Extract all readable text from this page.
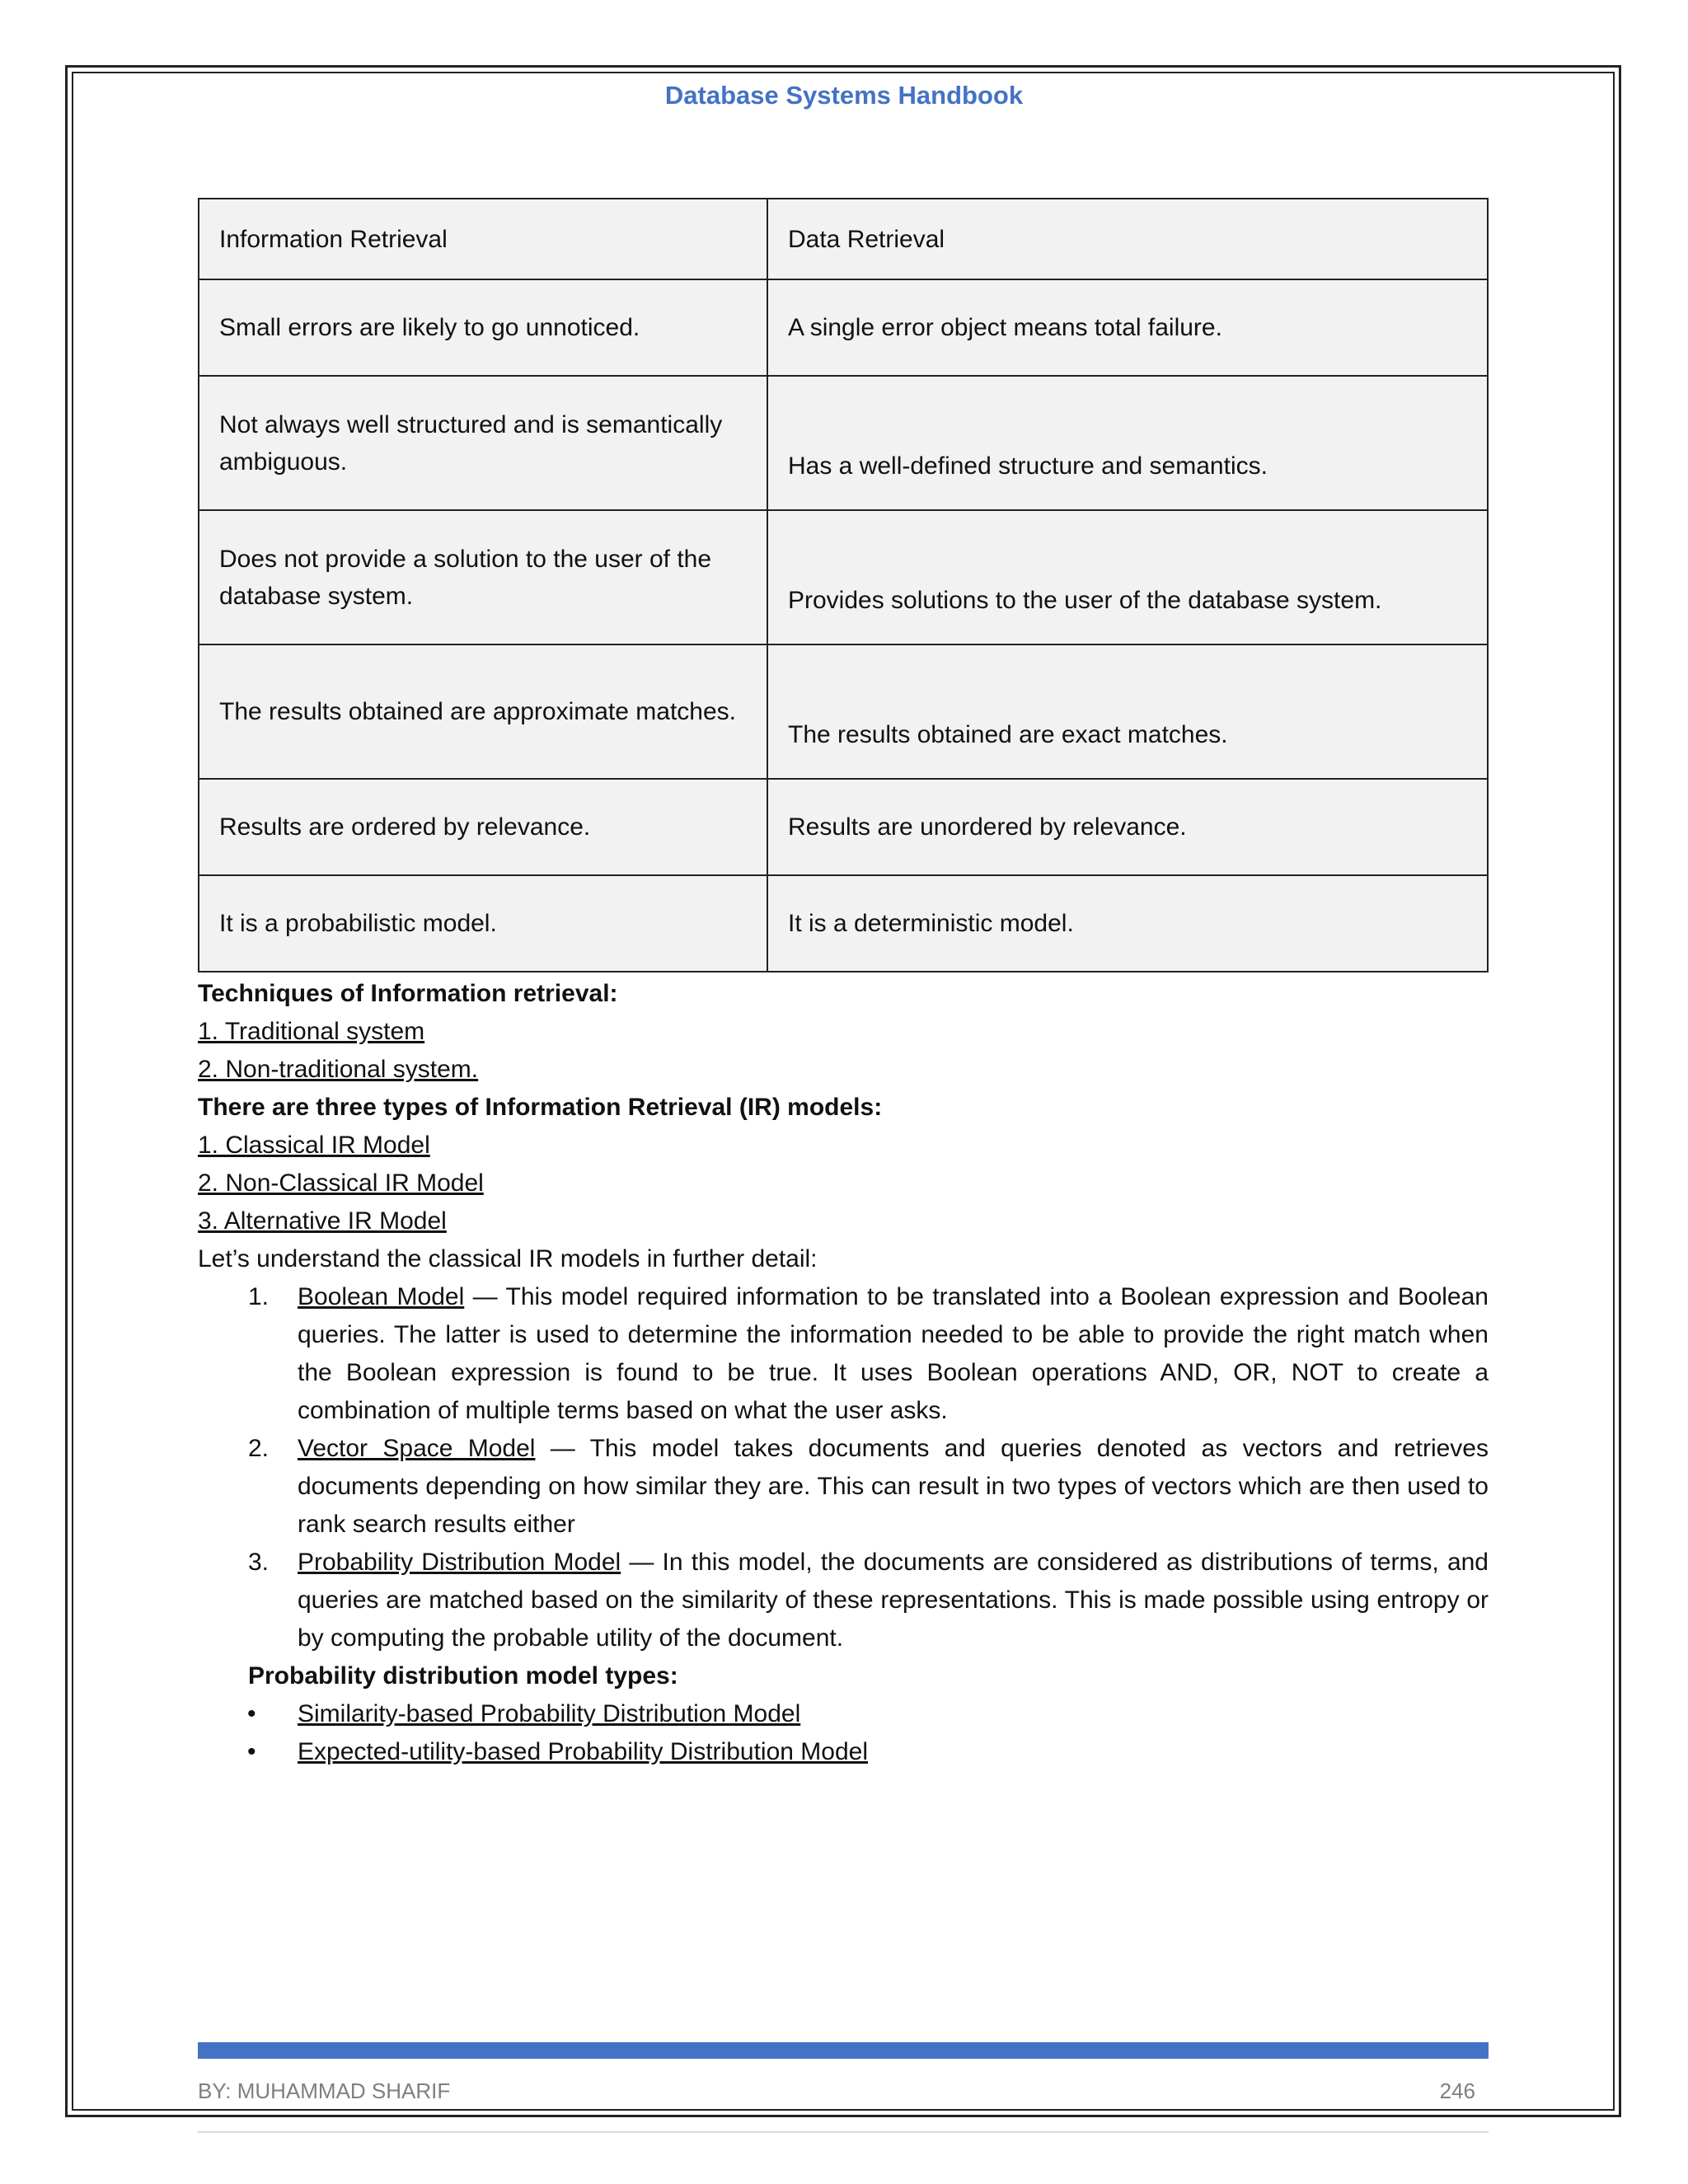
Database Systems Handbook
Information Retrieval	Data Retrieval
Small errors are likely to go unnoticed.	A single error object means total failure.
Not always well structured and is semantically ambiguous.	Has a well-defined structure and semantics.
Does not provide a solution to the user of the database system.	Provides solutions to the user of the database system.
The results obtained are approximate matches.	The results obtained are exact matches.
Results are ordered by relevance.	Results are unordered by relevance.
It is a probabilistic model.	It is a deterministic model.

Techniques of Information retrieval:

1. Traditional system

2. Non-traditional system.

There are three types of Information Retrieval (IR) models:

1. Classical IR Model

2. Non-Classical IR Model

3. Alternative IR Model

Let’s understand the classical IR models in further detail:

1. Boolean Model — This model required information to be translated into a Boolean expression and Boolean queries. The latter is used to determine the information needed to be able to provide the right match when the Boolean expression is found to be true. It uses Boolean operations AND, OR, NOT to create a combination of multiple terms based on what the user asks.
2. Vector Space Model — This model takes documents and queries denoted as vectors and retrieves documents depending on how similar they are. This can result in two types of vectors which are then used to rank search results either
3. Probability Distribution Model — In this model, the documents are considered as distributions of terms, and queries are matched based on the similarity of these representations. This is made possible using entropy or by computing the probable utility of the document.

Probability distribution model types:

• Similarity-based Probability Distribution Model
• Expected-utility-based Probability Distribution Model
BY: MUHAMMAD SHARIF	246
